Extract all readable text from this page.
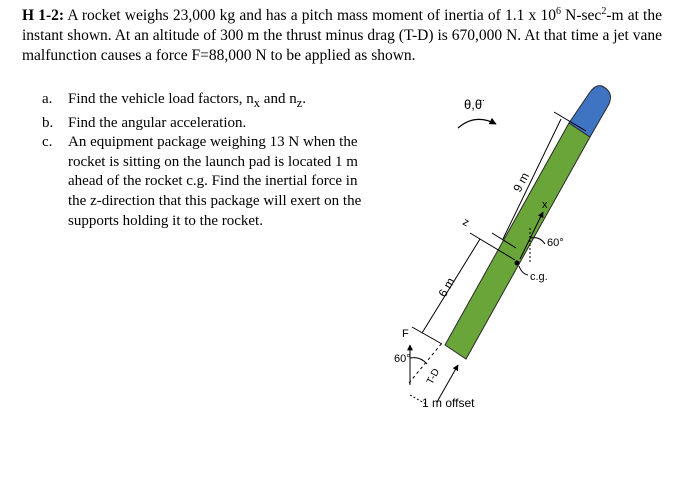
H 1-2: A rocket weighs 23,000 kg and has a pitch mass moment of inertia of 1.1 x $10^6$ $N-\sec^2-m$ at the instant shown. At an altitude of 300 m the thrust minus drag (T-D) is 670,000 N. At that time a jet vane malfunction causes a force F=88,000 N to be applied as shown.
a.	Find the vehicle load factors, $n_x$ and $n_z$.
b. Find the angular acceleration.
c.	An equipment package weighing 13 N when the rocket is sitting on the launch pad is located 1 m ahead of the rocket c.g. Find the inertial force in the z-direction that this package will exert on the supports holding it to the rocket.
9 m
x
c.g.
60°
z
θ,θ̈
6 m
F
60°
T-D
1 m offset
